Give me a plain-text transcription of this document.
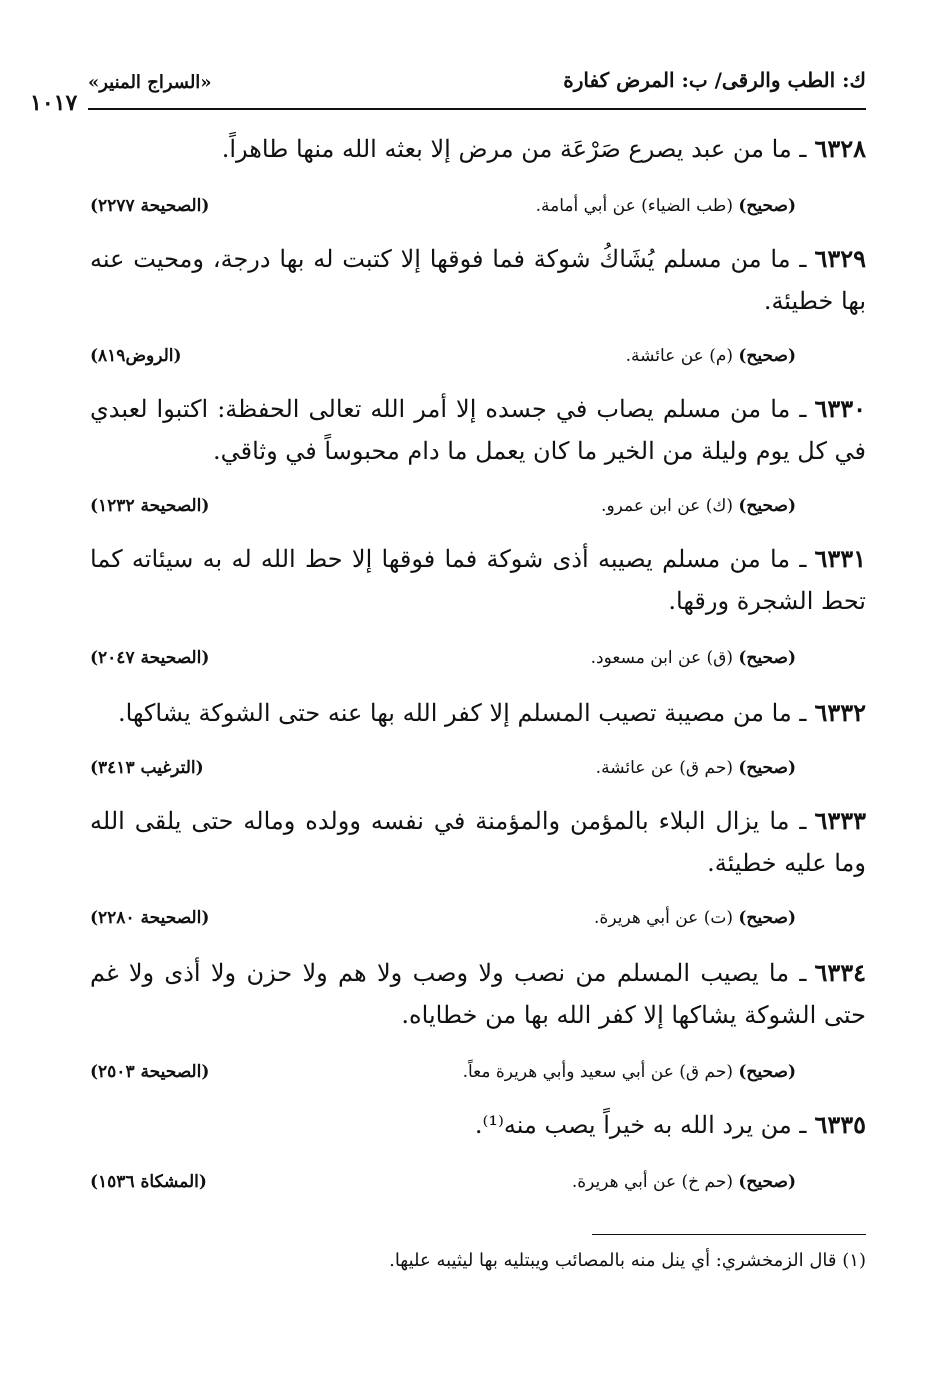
ك: الطب والرقى/ ب: المرض كفارة
«السراج المنير»
١٠١٧
٦٣٢٨ـ ما من عبد يصرع صَرْعَة من مرض إلا بعثه الله منها طاهراً.
(صحيح) (طب الضياء) عن أبي أمامة.
(الصحيحة ٢٢٧٧)
٦٣٢٩ـ ما من مسلم يُشَاكُ شوكة فما فوقها إلا كتبت له بها درجة، ومحيت عنه بها خطيئة.
(صحيح) (م) عن عائشة.
(الروض٨١٩)
٦٣٣٠ـ ما من مسلم يصاب في جسده إلا أمر الله تعالى الحفظة: اكتبوا لعبدي في كل يوم وليلة من الخير ما كان يعمل ما دام محبوساً في وثاقي.
(صحيح) (ك) عن ابن عمرو.
(الصحيحة ١٢٣٢)
٦٣٣١ـ ما من مسلم يصيبه أذى شوكة فما فوقها إلا حط الله له به سيئاته كما تحط الشجرة ورقها.
(صحيح) (ق) عن ابن مسعود.
(الصحيحة ٢٠٤٧)
٦٣٣٢ـ ما من مصيبة تصيب المسلم إلا كفر الله بها عنه حتى الشوكة يشاكها.
(صحيح) (حم ق) عن عائشة.
(الترغيب ٣٤١٣)
٦٣٣٣ـ ما يزال البلاء بالمؤمن والمؤمنة في نفسه وولده وماله حتى يلقى الله وما عليه خطيئة.
(صحيح) (ت) عن أبي هريرة.
(الصحيحة ٢٢٨٠)
٦٣٣٤ـ ما يصيب المسلم من نصب ولا وصب ولا هم ولا حزن ولا أذى ولا غم حتى الشوكة يشاكها إلا كفر الله بها من خطاياه.
(صحيح) (حم ق) عن أبي سعيد وأبي هريرة معاً.
(الصحيحة ٢٥٠٣)
٦٣٣٥ـ من يرد الله به خيراً يصب منه⁽¹⁾.
(صحيح) (حم خ) عن أبي هريرة.
(المشكاة ١٥٣٦)
(١) قال الزمخشري: أي ينل منه بالمصائب ويبتليه بها ليثيبه عليها.
